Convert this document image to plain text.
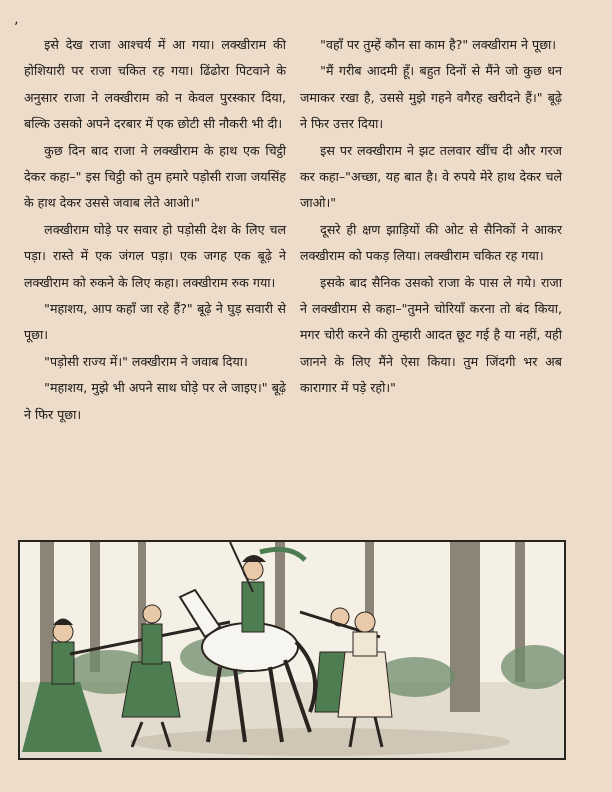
ʼ

इसे देख राजा आश्चर्य में आ गया। लक्खीराम की होशियारी पर राजा चकित रह गया। ढिंढोरा पिटवाने के अनुसार राजा ने लक्खीराम को न केवल पुरस्कार दिया, बल्कि उसको अपने दरबार में एक छोटी सी नौकरी भी दी।

कुछ दिन बाद राजा ने लक्खीराम के हाथ एक चिट्ठी देकर कहा–" इस चिट्ठी को तुम हमारे पड़ोसी राजा जयसिंह के हाथ देकर उससे जवाब लेते आओ।"

लक्खीराम घोड़े पर सवार हो पड़ोसी देश के लिए चल पड़ा। रास्ते में एक जंगल पड़ा। एक जगह एक बूढ़े ने लक्खीराम को रुकने के लिए कहा। लक्खीराम रुक गया।

"महाशय, आप कहाँ जा रहे हैं?" बूढ़े ने घुड़ सवारी से पूछा।

"पड़ोसी राज्य में।" लक्खीराम ने जवाब दिया।

"महाशय, मुझे भी अपने साथ घोड़े पर ले जाइए।" बूढ़े ने फिर पूछा।

"वहाँ पर तुम्हें कौन सा काम है?" लक्खीराम ने पूछा।

"मैं गरीब आदमी हूँ। बहुत दिनों से मैंने जो कुछ धन जमाकर रखा है, उससे मुझे गहने वगैरह खरीदने हैं।" बूढ़े ने फिर उत्तर दिया।

इस पर लक्खीराम ने झट तलवार खींच दी और गरज कर कहा–"अच्छा, यह बात है। वे रुपये मेरे हाथ देकर चले जाओ।"

दूसरे ही क्षण झाड़ियों की ओट से सैनिकों ने आकर लक्खीराम को पकड़ लिया। लक्खीराम चकित रह गया।

इसके बाद सैनिक उसको राजा के पास ले गये। राजा ने लक्खीराम से कहा–"तुमने चोरियाँ करना तो बंद किया, मगर चोरी करने की तुम्हारी आदत छूट गई है या नहीं, यही जानने के लिए मैंने ऐसा किया। तुम जिंदगी भर अब कारागार में पड़े रहो।"
